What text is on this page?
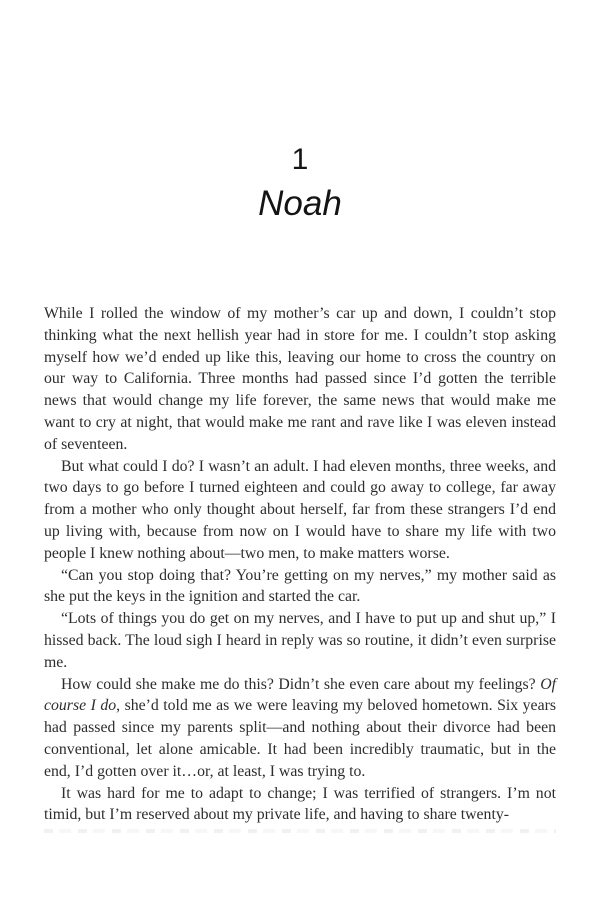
1
Noah

While I rolled the window of my mother’s car up and down, I couldn’t stop thinking what the next hellish year had in store for me. I couldn’t stop asking myself how we’d ended up like this, leaving our home to cross the country on our way to California. Three months had passed since I’d gotten the terrible news that would change my life forever, the same news that would make me want to cry at night, that would make me rant and rave like I was eleven instead of seventeen.

But what could I do? I wasn’t an adult. I had eleven months, three weeks, and two days to go before I turned eighteen and could go away to college, far away from a mother who only thought about herself, far from these strangers I’d end up living with, because from now on I would have to share my life with two people I knew nothing about—two men, to make matters worse.

“Can you stop doing that? You’re getting on my nerves,” my mother said as she put the keys in the ignition and started the car.

“Lots of things you do get on my nerves, and I have to put up and shut up,” I hissed back. The loud sigh I heard in reply was so routine, it didn’t even surprise me.

How could she make me do this? Didn’t she even care about my feelings? Of course I do, she’d told me as we were leaving my beloved hometown. Six years had passed since my parents split—and nothing about their divorce had been conventional, let alone amicable. It had been incredibly traumatic, but in the end, I’d gotten over it…or, at least, I was trying to.

It was hard for me to adapt to change; I was terrified of strangers. I’m not timid, but I’m reserved about my private life, and having to share twenty-
